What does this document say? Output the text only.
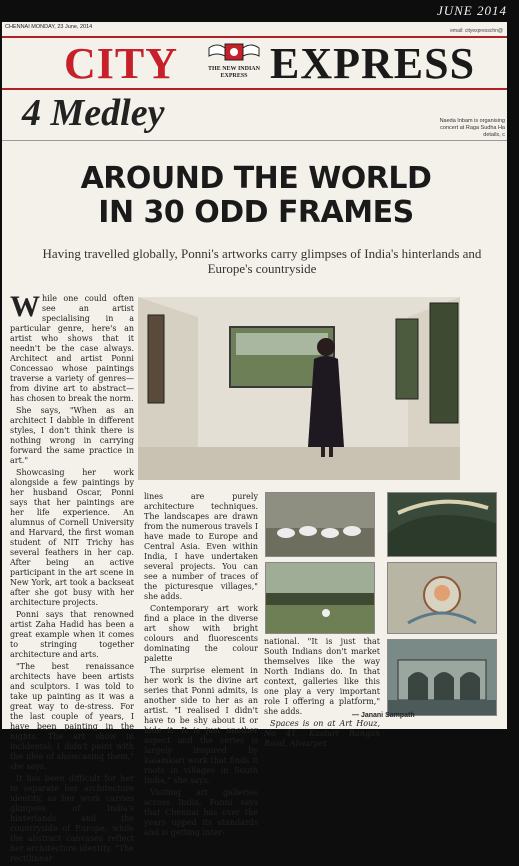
JUNE 2014
CHENNAI MONDAY, 23 June, 2014
email: cityexpresschn@
CITY	THE NEW INDIAN EXPRESS EXPRESS
4 Medley	Naeda Inbam is organising
concert at Raga Sudha Ha
details, c
AROUND THE WORLD
IN 30 ODD FRAMES
Having travelled globally, Ponni's artworks carry glimpses of India's hinterlands and Europe's countryside

While one could often see an artist specialising in a particular genre, here's an artist who shows that it needn't be the case always. Architect and artist Ponni Concessao whose paintings traverse a variety of genres—from divine art to abstract—has chosen to break the norm.

She says, "When as an architect I dabble in different styles, I don't think there is nothing wrong in carrying forward the same practice in art."

Showcasing her work alongside a few paintings by her husband Oscar, Ponni says that her paintings are her life experience. An alumnus of Cornell University and Harvard, the first woman student of NIT Trichy has several feathers in her cap. After being an active participant in the art scene in New York, art took a backseat after she got busy with her architecture projects.

Ponni says that renowned artist Zaha Hadid has been a great example when it comes to stringing together architecture and arts.

"The best renaissance architects have been artists and sculptors. I was told to take up painting as it was a great way to de-stress. For the last couple of years, I have been painting in the nights. The art show in incidental; I didn't paint with the idea of showcasing them," she says.

It has been difficult for her to separate her architecture identity, as her work carries glimpses of India's hinterlands and the countryside of Europe; while the abstract canvases reflect her architecture identity. "The rectilinear

lines are purely architecture techniques. The landscapes are drawn from the numerous travels I have made to Europe and Central Asia. Even within India, I have undertaken several projects. You can see a number of traces of the picturesque villages," she adds.

Contemporary art work find a place in the diverse art show with bright colours and fluorescents dominating the colour palette

The surprise element in her work is the divine art series that Ponni admits, is another side to her as an artist. "I realised I didn't have to be shy about it or hide it. It is just another aspect and the series is largely inspired by kalamkari work that finds it roots in villages in South India," she says.

Visiting art galleries across India, Ponni says that Chennai has over the years upped its standards and is getting inter-

national. "It is just that South Indians don't market themselves like the way North Indians do. In that context, galleries like this one play a very important role I offering a platform," she adds.

Spaces is on at Art Houz, No 41, Kasturi Rangan Road, Alwarpet

— Janani Sampath
